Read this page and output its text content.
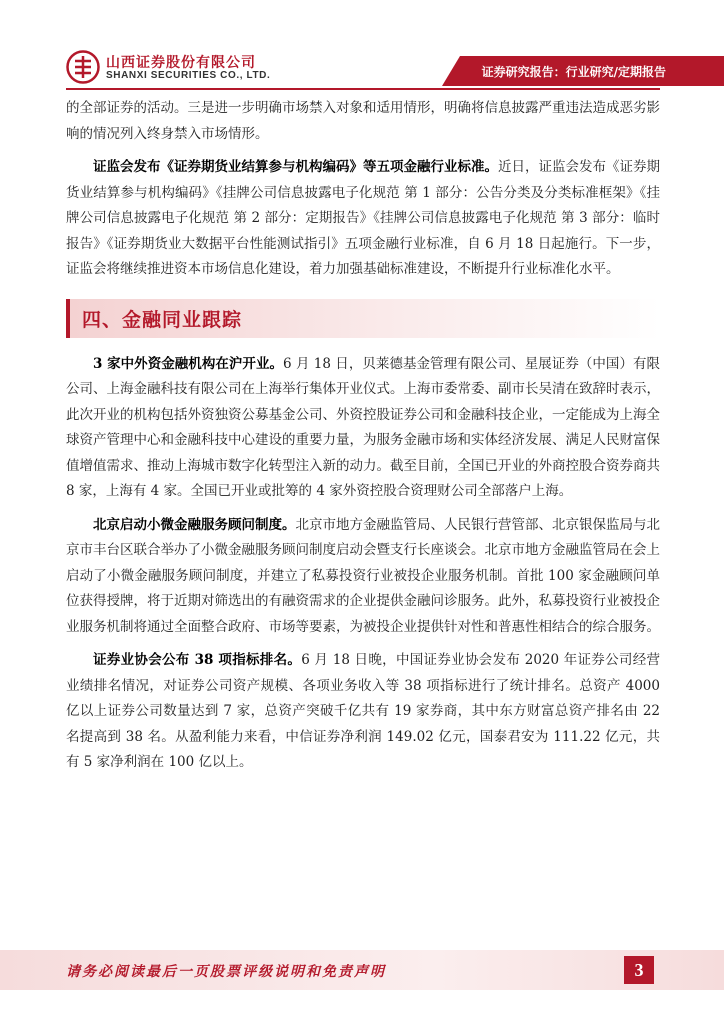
山西证券股份有限公司
SHANXI SECURITIES CO., LTD.	证券研究报告：行业研究/定期报告

的全部证券的活动。三是进一步明确市场禁入对象和适用情形，明确将信息披露严重违法造成恶劣影响的情况列入终身禁入市场情形。

证监会发布《证券期货业结算参与机构编码》等五项金融行业标准。近日，证监会发布《证券期货业结算参与机构编码》《挂牌公司信息披露电子化规范 第 1 部分：公告分类及分类标准框架》《挂牌公司信息披露电子化规范 第 2 部分：定期报告》《挂牌公司信息披露电子化规范 第 3 部分：临时报告》《证券期货业大数据平台性能测试指引》五项金融行业标准，自 6 月 18 日起施行。下一步，证监会将继续推进资本市场信息化建设，着力加强基础标准建设，不断提升行业标准化水平。

四、金融同业跟踪

3 家中外资金融机构在沪开业。6 月 18 日，贝莱德基金管理有限公司、星展证券（中国）有限公司、上海金融科技有限公司在上海举行集体开业仪式。上海市委常委、副市长吴清在致辞时表示，此次开业的机构包括外资独资公募基金公司、外资控股证券公司和金融科技企业，一定能成为上海全球资产管理中心和金融科技中心建设的重要力量，为服务金融市场和实体经济发展、满足人民财富保值增值需求、推动上海城市数字化转型注入新的动力。截至目前，全国已开业的外商控股合资券商共 8 家，上海有 4 家。全国已开业或批筹的 4 家外资控股合资理财公司全部落户上海。

北京启动小微金融服务顾问制度。北京市地方金融监管局、人民银行营管部、北京银保监局与北京市丰台区联合举办了小微金融服务顾问制度启动会暨支行长座谈会。北京市地方金融监管局在会上启动了小微金融服务顾问制度，并建立了私募投资行业被投企业服务机制。首批 100 家金融顾问单位获得授牌，将于近期对筛选出的有融资需求的企业提供金融问诊服务。此外，私募投资行业被投企业服务机制将通过全面整合政府、市场等要素，为被投企业提供针对性和普惠性相结合的综合服务。

证券业协会公布 38 项指标排名。6 月 18 日晚，中国证券业协会发布 2020 年证券公司经营业绩排名情况，对证券公司资产规模、各项业务收入等 38 项指标进行了统计排名。总资产 4000 亿以上证券公司数量达到 7 家，总资产突破千亿共有 19 家券商，其中东方财富总资产排名由 22 名提高到 38 名。从盈利能力来看，中信证券净利润 149.02 亿元，国泰君安为 111.22 亿元，共有 5 家净利润在 100 亿以上。

请务必阅读最后一页股票评级说明和免责声明	3
